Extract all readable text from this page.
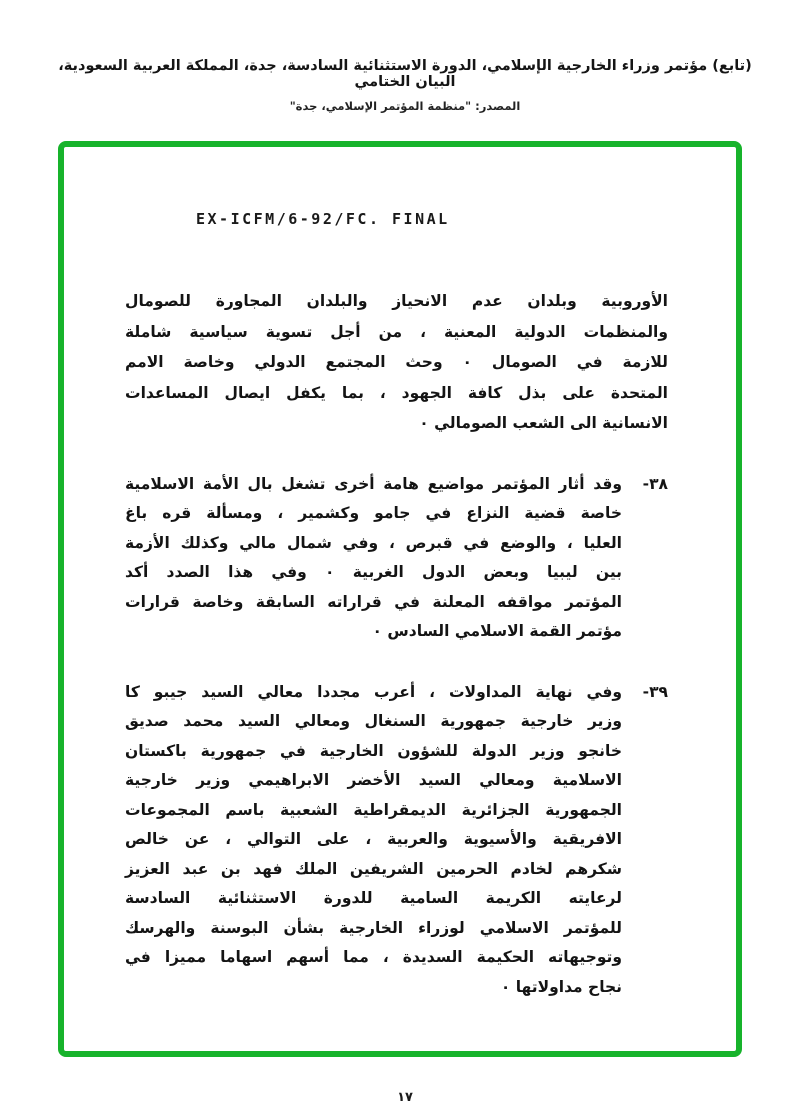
(تابع) مؤتمر وزراء الخارجية الإسلامي، الدورة الاستثنائية السادسة، جدة، المملكة العربية السعودية، البيان الختامي
المصدر: "منظمة المؤتمر الإسلامي، جدة"
EX-ICFM/6-92/FC. FINAL
الأوروبية وبلدان عدم الانحياز والبلدان المجاورة للصومال
والمنظمات الدولية المعنية ، من أجل تسوية سياسية شاملة
للازمة في الصومال ٠ وحث المجتمع الدولي وخاصة الامم
المتحدة على بذل كافة الجهود ، بما يكفل ايصال المساعدات
الانسانية الى الشعب الصومالي ٠
٣٨-
وقد أثار المؤتمر مواضيع هامة أخرى تشغل بال الأمة الاسلامية
خاصة قضية النزاع في جامو وكشمير ، ومسألة قره باغ
العليا ، والوضع في قبرص ، وفي شمال مالي وكذلك الأزمة
بين ليبيا وبعض الدول الغربية ٠ وفي هذا الصدد أكد
المؤتمر مواقفه المعلنة في قراراته السابقة وخاصة قرارات
مؤتمر القمة الاسلامي السادس ٠
٣٩-
وفي نهاية المداولات ، أعرب مجددا معالي السيد جيبو كا
وزير خارجية جمهورية السنغال ومعالي السيد محمد صديق
خانجو وزير الدولة للشؤون الخارجية في جمهورية باكستان
الاسلامية ومعالي السيد الأخضر الابراهيمي وزير خارجية
الجمهورية الجزائرية الديمقراطية الشعبية باسم المجموعات
الافريقية والأسيوية والعربية ، على التوالي ، عن خالص
شكرهم لخادم الحرمين الشريفين الملك فهد بن عبد العزيز
لرعايته الكريمة السامية للدورة الاستثنائية السادسة
للمؤتمر الاسلامي لوزراء الخارجية بشأن البوسنة والهرسك
وتوجيهاته الحكيمة السديدة ، مما أسهم اسهاما مميزا في
نجاح مداولاتها ٠
١٧
